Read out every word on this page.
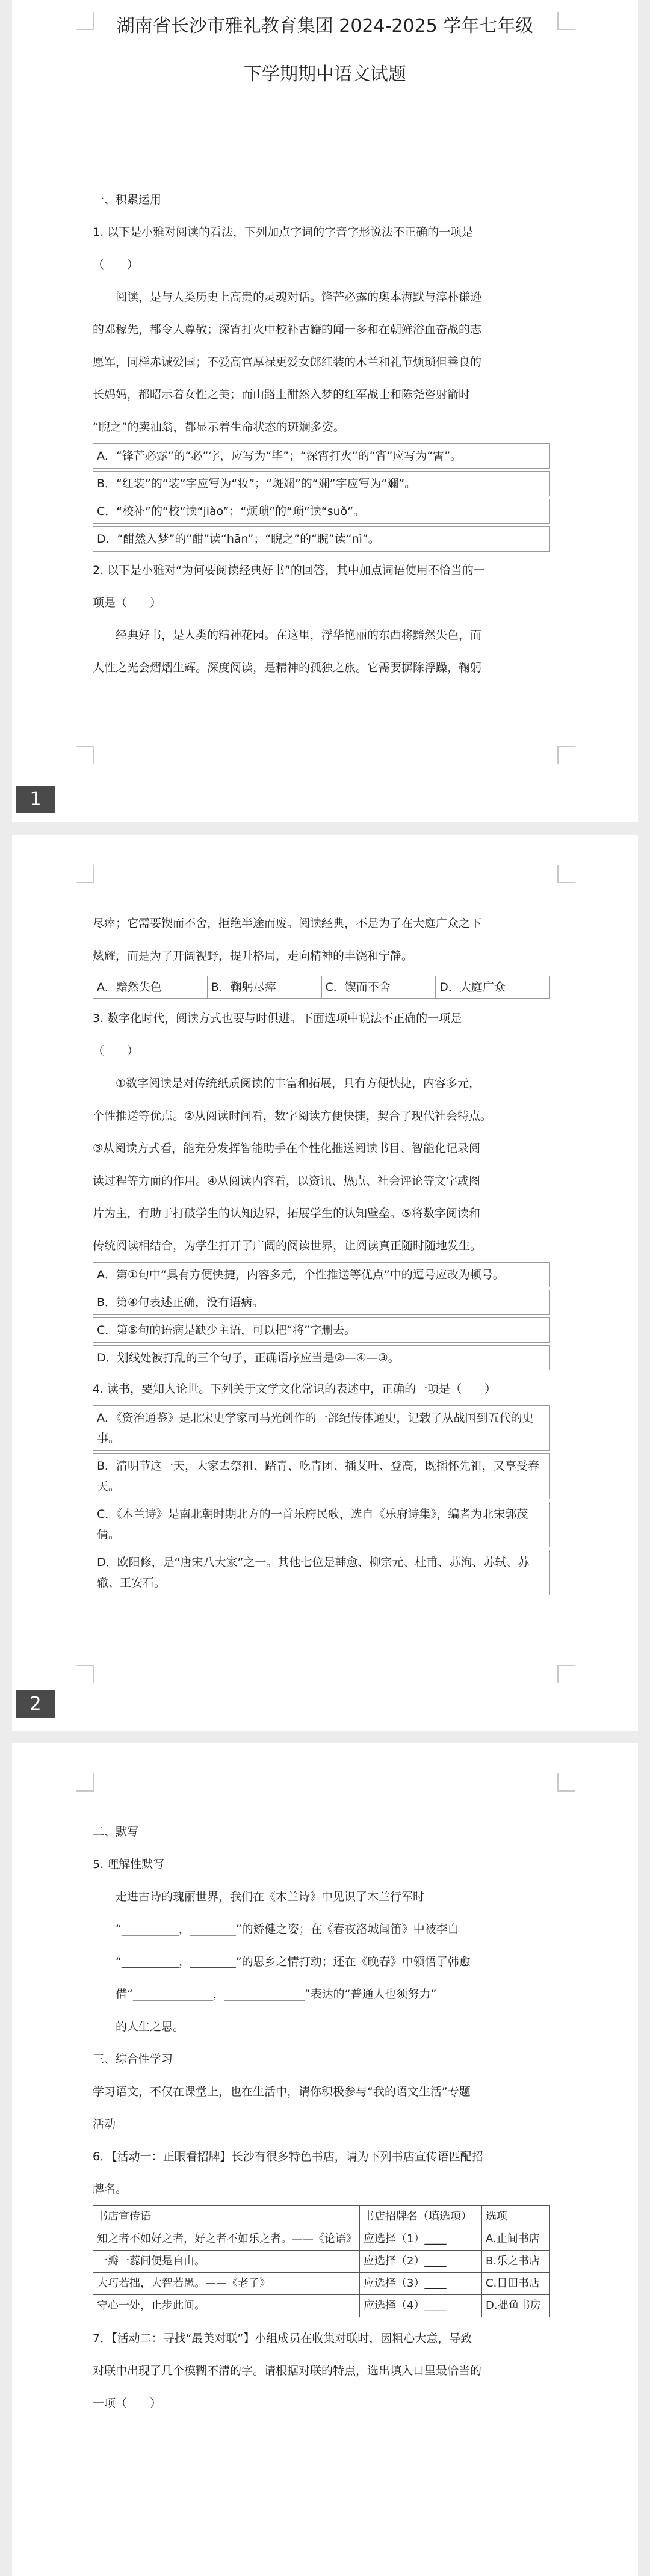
湖南省长沙市雅礼教育集团 2024-2025 学年七年级

下学期期中语文试题

一、积累运用

1. 以下是小雅对阅读的看法，下列加点字词的字音字形说法不正确的一项是

（　　）

阅读，是与人类历史上高贵的灵魂对话。锋芒必露的奥本海默与淳朴谦逊

的邓稼先，都令人尊敬；深宵打火中校补古籍的闻一多和在朝鲜浴血奋战的志

愿军，同样赤诚爱国；不爱高官厚禄更爱女郎红装的木兰和礼节烦琐但善良的

长妈妈，都昭示着女性之美；而山路上酣然入梦的红军战士和陈尧咨射箭时

“睨之”的卖油翁，都显示着生命状态的斑斓多姿。

A．“锋芒必露”的“必”字，应写为“毕”；“深宵打火”的“宵”应写为“霄”。

B．“红装”的“装”字应写为“妆”；“斑斓”的“斓”字应写为“斓”。

C．“校补”的“校”读“jiào”；“烦琐”的“琐”读“suǒ”。

D．“酣然入梦”的“酣”读“hān”；“睨之”的“睨”读“nì”。

2. 以下是小雅对“为何要阅读经典好书”的回答，其中加点词语使用不恰当的一

项是（　　）

经典好书，是人类的精神花园。在这里，浮华艳丽的东西将黯然失色，而

人性之光会熠熠生辉。深度阅读，是精神的孤独之旅。它需要摒除浮躁，鞠躬

1

尽瘁；它需要锲而不舍，拒绝半途而废。阅读经典，不是为了在大庭广众之下

炫耀，而是为了开阔视野，提升格局，走向精神的丰饶和宁静。

A．黯然失色	B．鞠躬尽瘁	C．锲而不舍	D．大庭广众

3. 数字化时代，阅读方式也要与时俱进。下面选项中说法不正确的一项是

（　　）

①数字阅读是对传统纸质阅读的丰富和拓展，具有方便快捷，内容多元，

个性推送等优点。②从阅读时间看，数字阅读方便快捷，契合了现代社会特点。

③从阅读方式看，能充分发挥智能助手在个性化推送阅读书目、智能化记录阅

读过程等方面的作用。④从阅读内容看，以资讯、热点、社会评论等文字或图

片为主，有助于打破学生的认知边界，拓展学生的认知壁垒。⑤将数字阅读和

传统阅读相结合，为学生打开了广阔的阅读世界，让阅读真正随时随地发生。

A．第①句中“具有方便快捷，内容多元，个性推送等优点”中的逗号应改为顿号。

B．第④句表述正确，没有语病。

C．第⑤句的语病是缺少主语，可以把“将”字删去。

D．划线处被打乱的三个句子，正确语序应当是②—④—③。

4. 读书，要知人论世。下列关于文学文化常识的表述中，正确的一项是（　　）

A．《资治通鉴》是北宋史学家司马光创作的一部纪传体通史，记载了从战国到五代的史事。

B．清明节这一天，大家去祭祖、踏青、吃青团、插艾叶、登高，既插怀先祖，又享受春天。

C．《木兰诗》是南北朝时期北方的一首乐府民歌，选自《乐府诗集》，编者为北宋郭茂倩。

D．欧阳修，是“唐宋八大家”之一。其他七位是韩愈、柳宗元、杜甫、苏洵、苏轼、苏辙、王安石。

2

二、默写

5. 理解性默写

走进古诗的瑰丽世界，我们在《木兰诗》中见识了木兰行军时

“__________，________”的矫健之姿；在《春夜洛城闻笛》中被李白

“__________，________”的思乡之情打动；还在《晚春》中领悟了韩愈

借“______________，______________”表达的“普通人也须努力”

的人生之思。

三、综合性学习

学习语文，不仅在课堂上，也在生活中，请你积极参与“我的语文生活”专题

活动

6．【活动一：正眼看招牌】长沙有很多特色书店，请为下列书店宣传语匹配招

牌名。

书店宣传语	书店招牌名（填选项）	选项
知之者不如好之者，好之者不如乐之者。——《论语》	应选择（1）____	A.止间书店
一瓣一蕊间便是自由。	应选择（2）____	B.乐之书店
大巧若拙，大智若愚。——《老子》	应选择（3）____	C.目田书店
守心一处，止步此间。	应选择（4）____	D.拙鱼书房

7．【活动二：寻找“最美对联”】小组成员在收集对联时，因粗心大意，导致

对联中出现了几个模糊不清的字。请根据对联的特点，选出填入口里最恰当的

一项（　　）
